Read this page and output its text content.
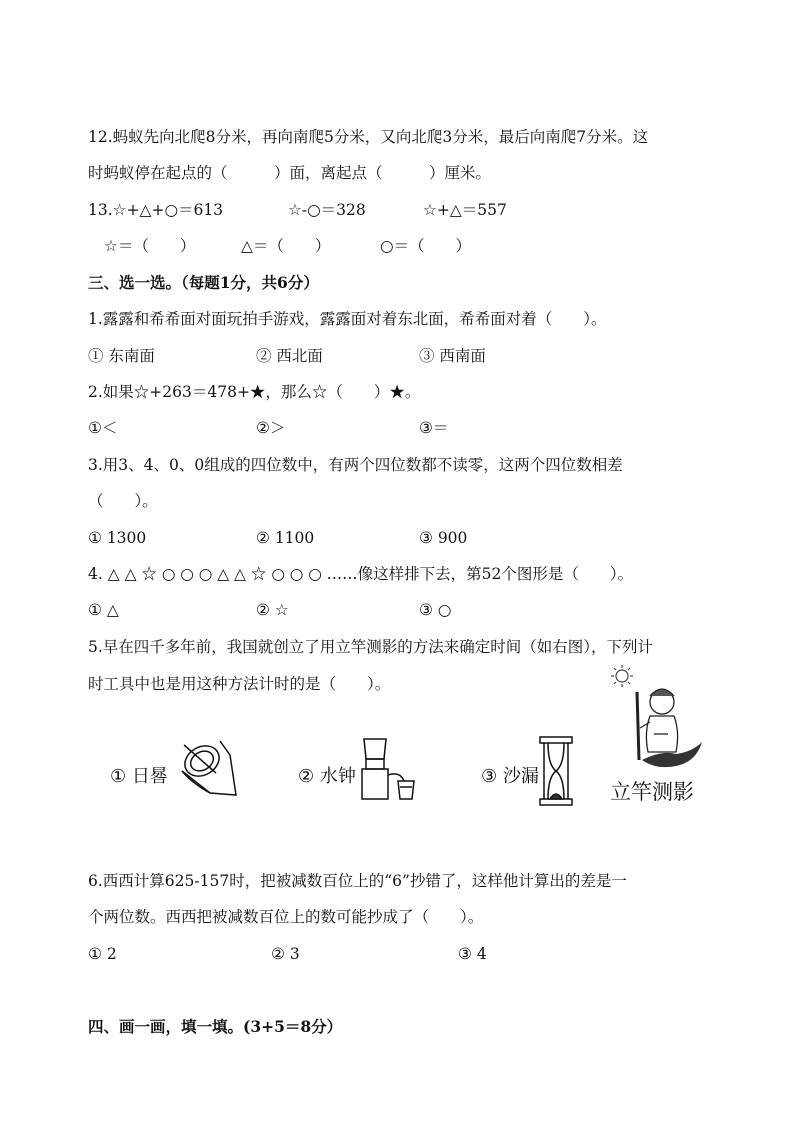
12.蚂蚁先向北爬8分米，再向南爬5分米，又向北爬3分米，最后向南爬7分米。这
时蚂蚁停在起点的（　　　）面，离起点（　　　）厘米。
13.☆+△+○＝613	☆-○＝328	☆+△＝557
☆＝（　　）	△＝（　　）	○＝（　　）
三、选一选。（每题1分，共6分）
1.露露和希希面对面玩拍手游戏，露露面对着东北面，希希面对着（　　）。
① 东南面	② 西北面	③ 西南面
2.如果☆+263＝478+★，那么☆（　　）★。
①＜	②＞	③＝
3.用3、4、0、0组成的四位数中，有两个四位数都不读零，这两个四位数相差
（　　）。
① 1300	② 1100	③ 900
4. △ △ ☆ ○ ○ ○ △ △ ☆ ○ ○ ○ ……像这样排下去，第52个图形是（　　）。
① △	② ☆	③ ○
5.早在四千多年前，我国就创立了用立竿测影的方法来确定时间（如右图），下列计
时工具中也是用这种方法计时的是（　　）。
立竿测影
① 日晷	② 水钟	③ 沙漏
6.西西计算625-157时，把被减数百位上的“6”抄错了，这样他计算出的差是一
个两位数。西西把被减数百位上的数可能抄成了（　　）。
① 2	② 3	③ 4
四、画一画，填一填。(3+5＝8分）
